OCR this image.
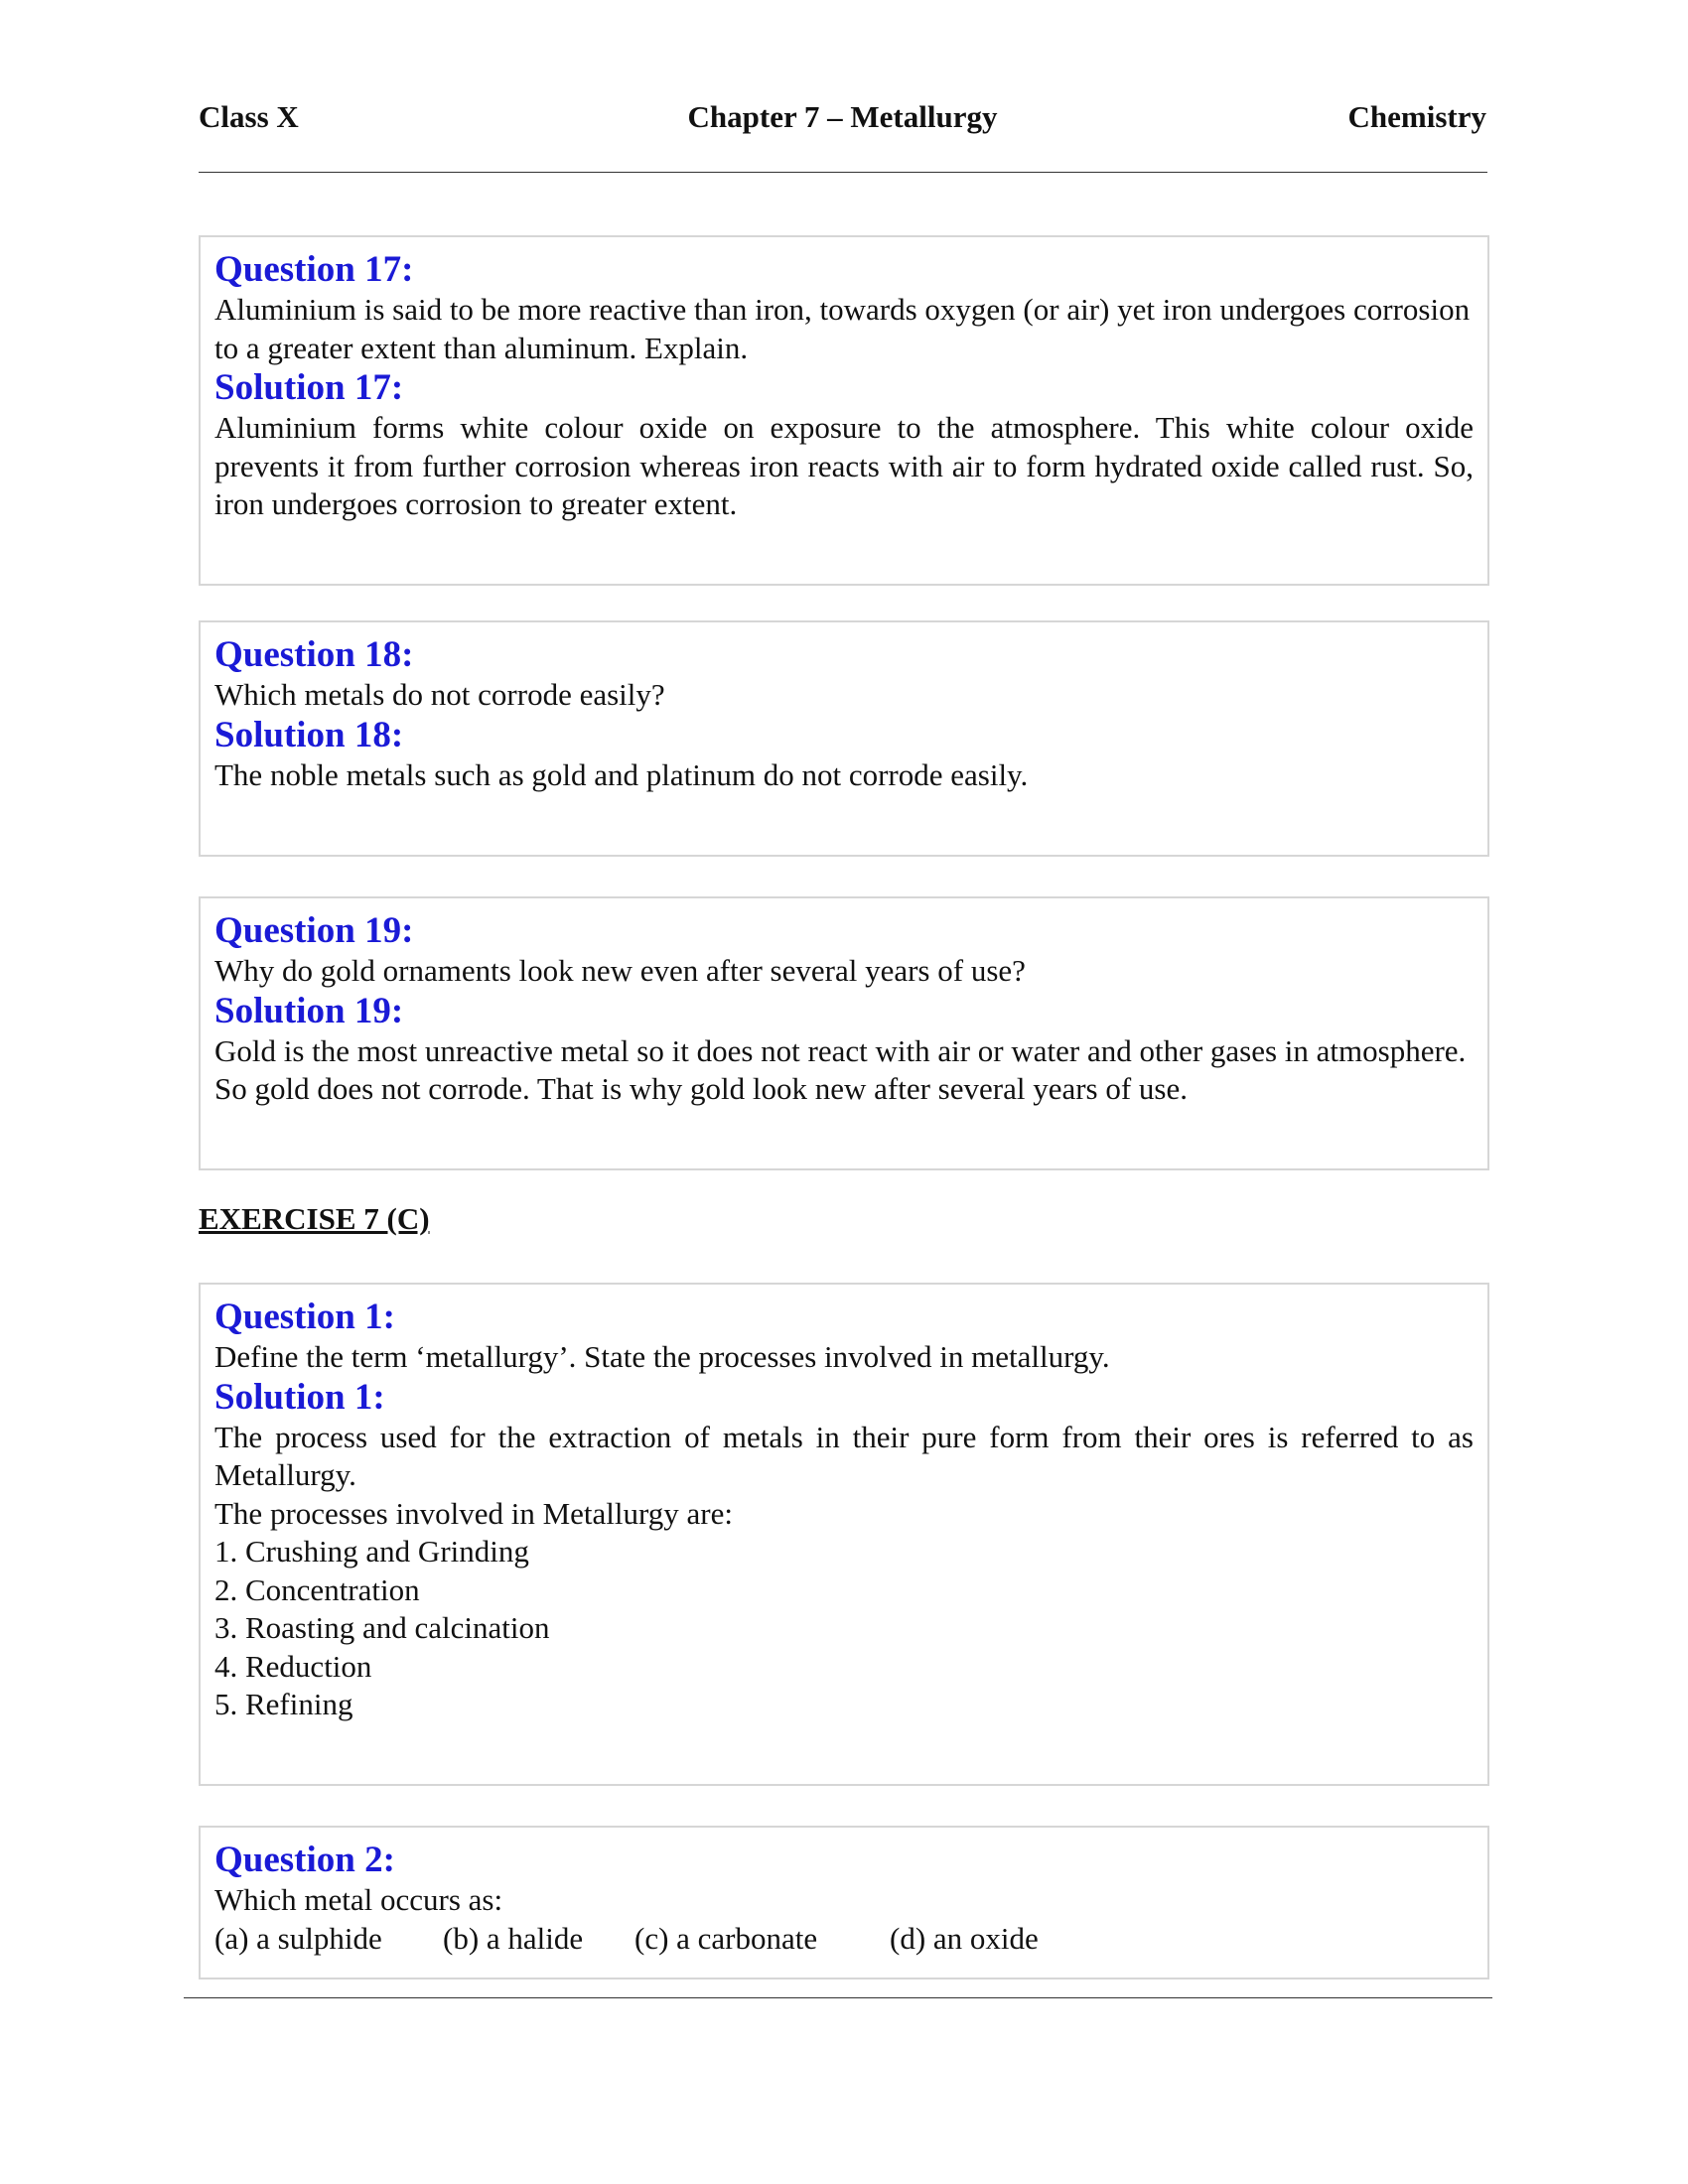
Class X	Chapter 7 – Metallurgy	Chemistry
Question 17:
Aluminium is said to be more reactive than iron, towards oxygen (or air) yet iron undergoes corrosion to a greater extent than aluminum. Explain.
Solution 17:
Aluminium forms white colour oxide on exposure to the atmosphere. This white colour oxide prevents it from further corrosion whereas iron reacts with air to form hydrated oxide called rust. So, iron undergoes corrosion to greater extent.
Question 18:
Which metals do not corrode easily?
Solution 18:
The noble metals such as gold and platinum do not corrode easily.
Question 19:
Why do gold ornaments look new even after several years of use?
Solution 19:
Gold is the most unreactive metal so it does not react with air or water and other gases in atmosphere. So gold does not corrode. That is why gold look new after several years of use.
EXERCISE 7 (C)
Question 1:
Define the term ‘metallurgy’. State the processes involved in metallurgy.
Solution 1:
The process used for the extraction of metals in their pure form from their ores is referred to as Metallurgy.
The processes involved in Metallurgy are:
1. Crushing and Grinding
2. Concentration
3. Roasting and calcination
4. Reduction
5. Refining
Question 2:
Which metal occurs as:
(a) a sulphide (b) a halide (c) a carbonate (d) an oxide
